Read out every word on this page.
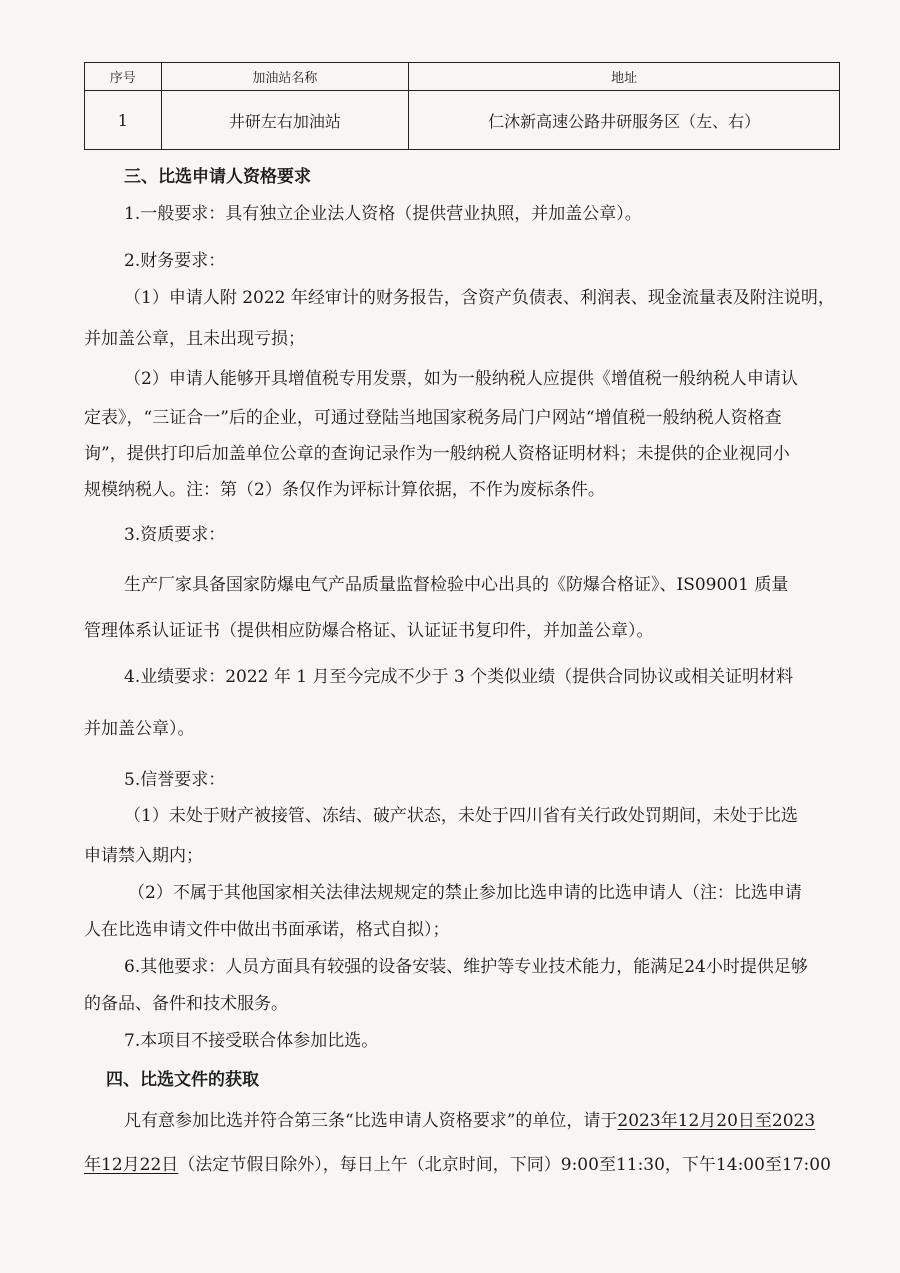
序号	加油站名称	地址
1	井研左右加油站	仁沐新高速公路井研服务区（左、右）
三、比选申请人资格要求
1.一般要求：具有独立企业法人资格（提供营业执照，并加盖公章）。
2.财务要求：
（1）申请人附 2022 年经审计的财务报告，含资产负债表、利润表、现金流量表及附注说明，
并加盖公章，且未出现亏损；
（2）申请人能够开具增值税专用发票，如为一般纳税人应提供《增值税一般纳税人申请认
定表》，“三证合一”后的企业，可通过登陆当地国家税务局门户网站“增值税一般纳税人资格查
询”，提供打印后加盖单位公章的查询记录作为一般纳税人资格证明材料；未提供的企业视同小
规模纳税人。注：第（2）条仅作为评标计算依据，不作为废标条件。
3.资质要求：
生产厂家具备国家防爆电气产品质量监督检验中心出具的《防爆合格证》、IS09001 质量
管理体系认证证书（提供相应防爆合格证、认证证书复印件，并加盖公章）。
4.业绩要求：2022 年 1 月至今完成不少于 3 个类似业绩（提供合同协议或相关证明材料
并加盖公章）。
5.信誉要求：
（1）未处于财产被接管、冻结、破产状态，未处于四川省有关行政处罚期间，未处于比选
申请禁入期内；
（2）不属于其他国家相关法律法规规定的禁止参加比选申请的比选申请人（注：比选申请
人在比选申请文件中做出书面承诺，格式自拟）；
6.其他要求：人员方面具有较强的设备安装、维护等专业技术能力，能满足24小时提供足够
的备品、备件和技术服务。
7.本项目不接受联合体参加比选。
四、比选文件的获取
凡有意参加比选并符合第三条“比选申请人资格要求”的单位，请于2023年12月20日至2023
年12月22日（法定节假日除外），每日上午（北京时间，下同）9:00至11:30，下午14:00至17:00
